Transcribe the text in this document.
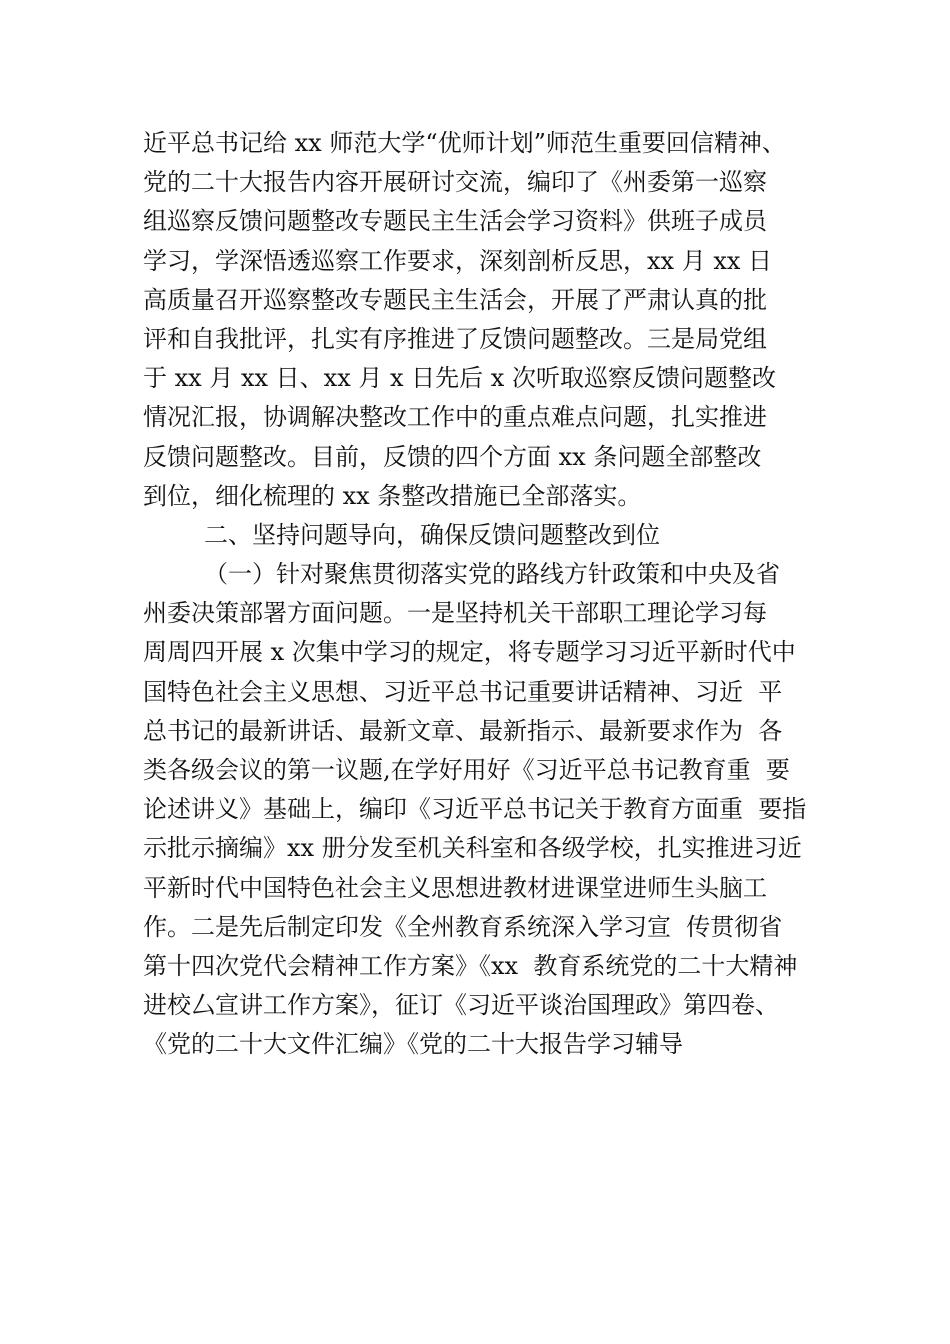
近平总书记给 xx 师范大学“优师计划”师范生重要回信精神、
党的二十大报告内容开展研讨交流，编印了《州委第一巡察
组巡察反馈问题整改专题民主生活会学习资料》供班子成员
学习，学深悟透巡察工作要求，深刻剖析反思，xx 月 xx 日
高质量召开巡察整改专题民主生活会，开展了严肃认真的批
评和自我批评，扎实有序推进了反馈问题整改。三是局党组
于 xx 月 xx 日、xx 月 x 日先后 x 次听取巡察反馈问题整改
情况汇报，协调解决整改工作中的重点难点问题，扎实推进
反馈问题整改。目前，反馈的四个方面 xx 条问题全部整改
到位，细化梳理的 xx 条整改措施已全部落实。
二、坚持问题导向，确保反馈问题整改到位
（一）针对聚焦贯彻落实党的路线方针政策和中央及省
州委决策部署方面问题。一是坚持机关干部职工理论学习每
周周四开展 x 次集中学习的规定，将专题学习习近平新时代中
国特色社会主义思想、习近平总书记重要讲话精神、习近  平
总书记的最新讲话、最新文章、最新指示、最新要求作为  各
类各级会议的第一议题,在学好用好《习近平总书记教育重  要
论述讲义》基础上，编印《习近平总书记关于教育方面重  要指
示批示摘编》xx 册分发至机关科室和各级学校，扎实推进习近
平新时代中国特色社会主义思想进教材进课堂进师生头脑工
作。二是先后制定印发《全州教育系统深入学习宣  传贯彻省
第十四次党代会精神工作方案》《xx  教育系统党的二十大精神
进校⼛宣讲工作方案》，征订《习近平谈治国理政》第四卷、
《党的二十大文件汇编》《党的二十大报告学习辅导
